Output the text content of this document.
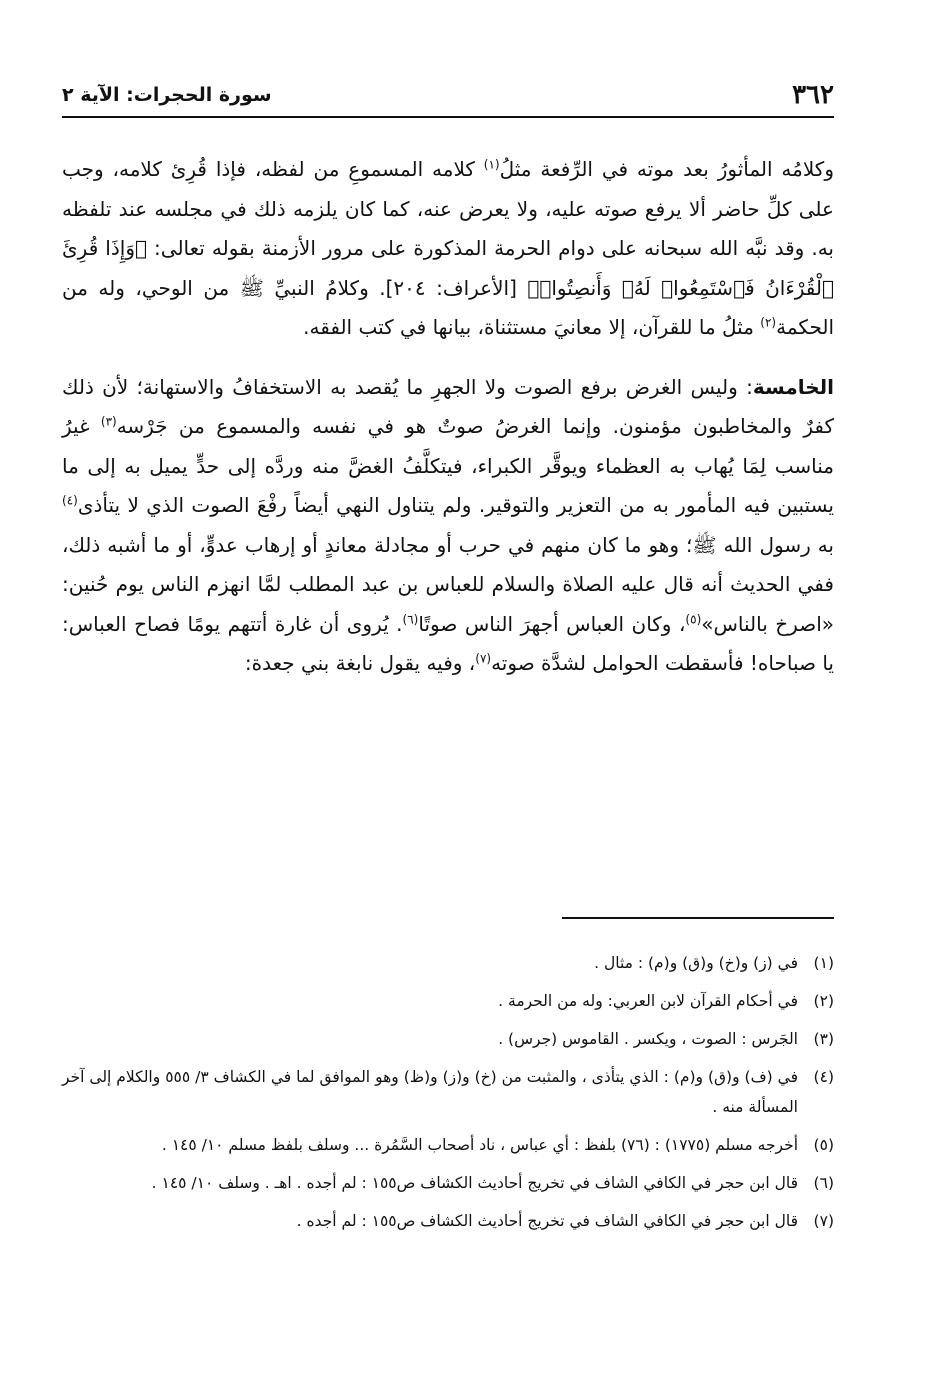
٣٦٢
سورة الحجرات: الآية ٢

وكلامُه المأثورُ بعد موته في الرِّفعة مثلُ$^{(١)}$ كلامه المسموعِ من لفظه، فإذا قُرِئ كلامه، وجب على كلِّ حاضر ألا يرفع صوته عليه، ولا يعرض عنه، كما كان يلزمه ذلك في مجلسه عند تلفظه به. وقد نبَّه الله سبحانه على دوام الحرمة المذكورة على مرور الأزمنة بقوله تعالى: ﴿وَإِذَا قُرِئَ ٱلْقُرْءَانُ فَٱسْتَمِعُوا۟ لَهُۥ وَأَنصِتُوا۟﴾ [الأعراف: ٢٠٤]. وكلامُ النبيِّ ﷺ من الوحي، وله من الحكمة$^{(٢)}$ مثلُ ما للقرآن، إلا معانيَ مستثناة، بيانها في كتب الفقه.

الخامسة: وليس الغرض برفع الصوت ولا الجهرِ ما يُقصد به الاستخفافُ والاستهانة؛ لأن ذلك كفرٌ والمخاطبون مؤمنون. وإنما الغرضُ صوتٌ هو في نفسه والمسموع من جَرْسه$^{(٣)}$ غيرُ مناسب لِمَا يُهاب به العظماء ويوقَّر الكبراء، فيتكلَّفُ الغضَّ منه وردَّه إلى حدٍّ يميل به إلى ما يستبين فيه المأمور به من التعزير والتوقير. ولم يتناول النهي أيضاً رفْعَ الصوت الذي لا يتأذى$^{(٤)}$ به رسول الله ﷺ؛ وهو ما كان منهم في حرب أو مجادلة معاندٍ أو إرهاب عدوٍّ، أو ما أشبه ذلك، ففي الحديث أنه قال عليه الصلاة والسلام للعباس بن عبد المطلب لمَّا انهزم الناس يوم حُنين: «اصرخ بالناس»$^{(٥)}$، وكان العباس أجهرَ الناس صوتًا$^{(٦)}$. يُروى أن غارة أتتهم يومًا فصاح العباس: يا صباحاه! فأسقطت الحوامل لشدَّة صوته$^{(٧)}$، وفيه يقول نابغة بني جعدة:

(١)
في (ز) و(خ) و(ق) و(م) : مثال .
(٢)
في أحكام القرآن لابن العربي: وله من الحرمة .
(٣)
الجَرس : الصوت ، ويكسر . القاموس (جرس) .
(٤)
في (ف) و(ق) و(م) : الذي يتأذى ، والمثبت من (خ) و(ز) و(ظ) وهو الموافق لما في الكشاف ٣/ ٥٥٥ والكلام إلى آخر المسألة منه .
(٥)
أخرجه مسلم (١٧٧٥) : (٧٦) بلفظ : أي عباس ، ناد أصحاب السَّمُرة ... وسلف بلفظ مسلم ١٠/ ١٤٥ .
(٦)
قال ابن حجر في الكافي الشاف في تخريج أحاديث الكشاف ص١٥٥ : لم أجده . اهـ . وسلف ١٠/ ١٤٥ .
(٧)
قال ابن حجر في الكافي الشاف في تخريج أحاديث الكشاف ص١٥٥ : لم أجده .
